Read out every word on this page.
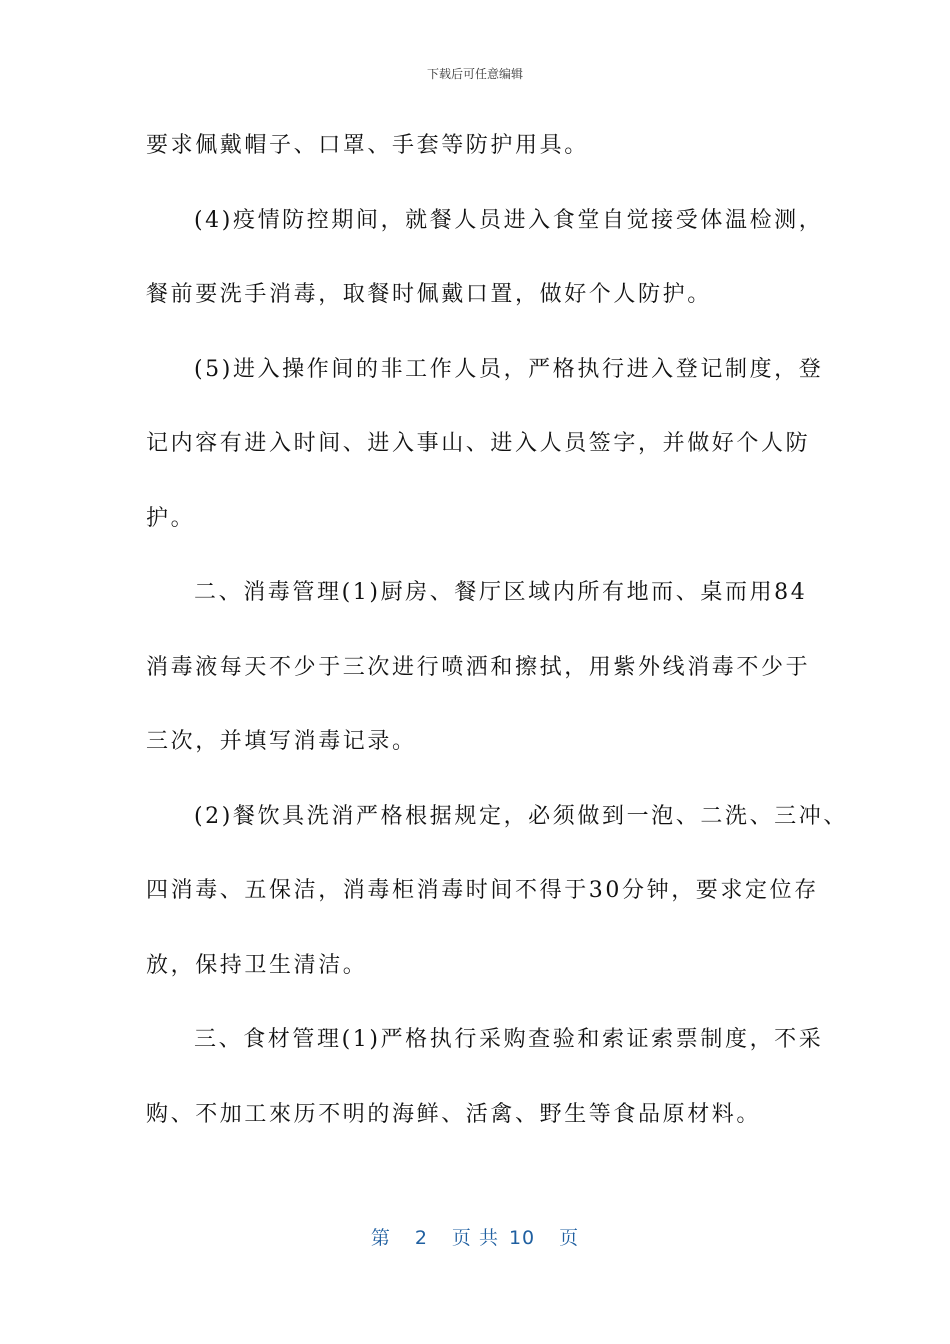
下载后可任意编辑
要求佩戴帽子、口罩、手套等防护用具。
(4)疫情防控期间，就餐人员进入食堂自觉接受体温检测，
餐前要洗手消毒，取餐时佩戴口置，做好个人防护。
(5)进入操作间的非工作人员，严格执行进入登记制度，登
记内容有进入时间、进入事山、进入人员签字，并做好个人防
护。
二、消毒管理(1)厨房、餐厅区域内所有地而、桌而用84
消毒液每天不少于三次进行喷洒和擦拭，用紫外线消毒不少于
三次，并填写消毒记录。
(2)餐饮具洗消严格根据规定，必须做到一泡、二洗、三冲、
四消毒、五保洁，消毒柜消毒时间不得于30分钟，要求定位存
放，保持卫生清洁。
三、食材管理(1)严格执行采购查验和索证索票制度，不采
购、不加工來历不明的海鲜、活禽、野生等食品原材料。
第 2 页 共 10 页
